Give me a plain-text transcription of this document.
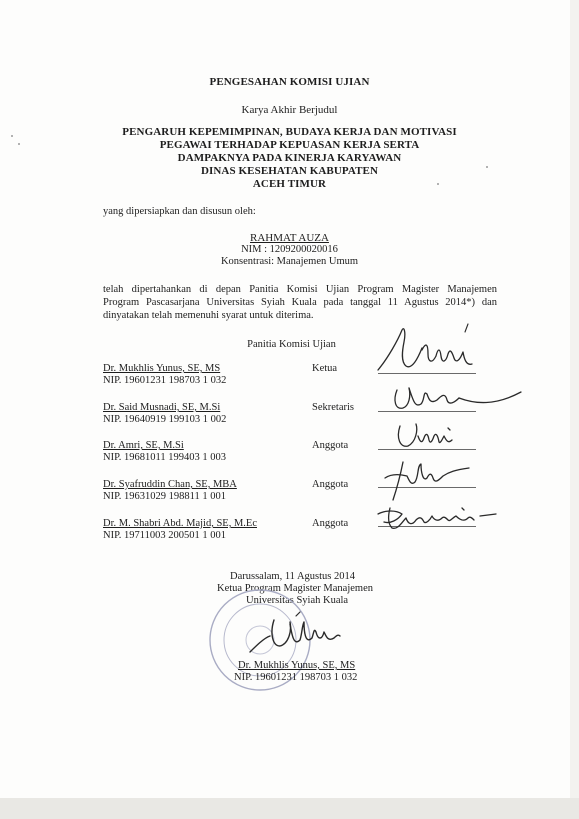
PENGESAHAN KOMISI UJIAN
Karya Akhir Berjudul
PENGARUH KEPEMIMPINAN, BUDAYA KERJA DAN MOTIVASI
PEGAWAI TERHADAP KEPUASAN KERJA SERTA
DAMPAKNYA PADA KINERJA KARYAWAN
DINAS KESEHATAN KABUPATEN
ACEH TIMUR
yang dipersiapkan dan disusun oleh:
RAHMAT AUZA
NIM : 1209200020016
Konsentrasi: Manajemen Umum
telah dipertahankan di depan Panitia Komisi Ujian Program Magister Manajemen
Program Pascasarjana Universitas Syiah Kuala pada tanggal 11 Agustus 2014*) dan
dinyatakan telah memenuhi syarat untuk diterima.
Panitia Komisi Ujian
Dr. Mukhlis Yunus, SE, MS
NIP. 19601231 198703 1 032
Ketua
Dr. Said Musnadi, SE, M.Si
NIP. 19640919 199103 1 002
Sekretaris
Dr. Amri, SE, M.Si
NIP. 19681011 199403 1 003
Anggota
Dr. Syafruddin Chan, SE, MBA
NIP. 19631029 198811 1 001
Anggota
Dr. M. Shabri Abd. Majid, SE, M.Ec
NIP. 19711003 200501 1 001
Anggota
Darussalam, 11 Agustus 2014
Ketua Program Magister Manajemen
Universitas Syiah Kuala
Dr. Mukhlis Yunus, SE, MS
NIP. 19601231 198703 1 032
